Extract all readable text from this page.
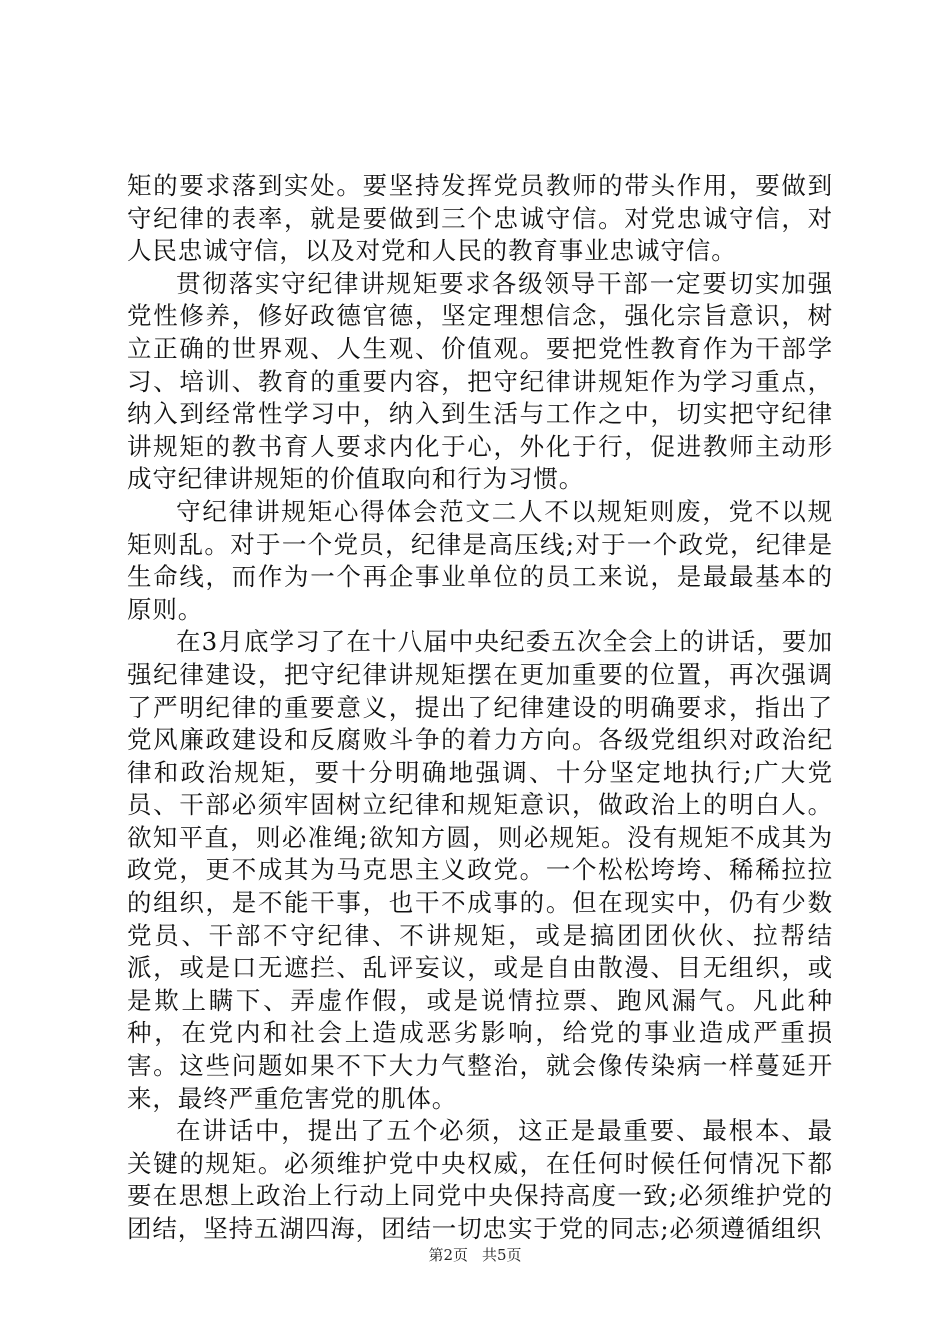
矩的要求落到实处。要坚持发挥党员教师的带头作用，要做到守纪律的表率，就是要做到三个忠诚守信。对党忠诚守信，对人民忠诚守信，以及对党和人民的教育事业忠诚守信。

贯彻落实守纪律讲规矩要求各级领导干部一定要切实加强党性修养，修好政德官德，坚定理想信念，强化宗旨意识，树立正确的世界观、人生观、价值观。要把党性教育作为干部学习、培训、教育的重要内容，把守纪律讲规矩作为学习重点，纳入到经常性学习中，纳入到生活与工作之中，切实把守纪律讲规矩的教书育人要求内化于心，外化于行，促进教师主动形成守纪律讲规矩的价值取向和行为习惯。

守纪律讲规矩心得体会范文二人不以规矩则废，党不以规矩则乱。对于一个党员，纪律是高压线;对于一个政党，纪律是生命线，而作为一个再企事业单位的员工来说，是最最基本的原则。

在3月底学习了在十八届中央纪委五次全会上的讲话，要加强纪律建设，把守纪律讲规矩摆在更加重要的位置，再次强调了严明纪律的重要意义，提出了纪律建设的明确要求，指出了党风廉政建设和反腐败斗争的着力方向。各级党组织对政治纪律和政治规矩，要十分明确地强调、十分坚定地执行;广大党员、干部必须牢固树立纪律和规矩意识，做政治上的明白人。欲知平直，则必准绳;欲知方圆，则必规矩。没有规矩不成其为政党，更不成其为马克思主义政党。一个松松垮垮、稀稀拉拉的组织，是不能干事，也干不成事的。但在现实中，仍有少数党员、干部不守纪律、不讲规矩，或是搞团团伙伙、拉帮结派，或是口无遮拦、乱评妄议，或是自由散漫、目无组织，或是欺上瞒下、弄虚作假，或是说情拉票、跑风漏气。凡此种种，在党内和社会上造成恶劣影响，给党的事业造成严重损害。这些问题如果不下大力气整治，就会像传染病一样蔓延开来，最终严重危害党的肌体。

在讲话中，提出了五个必须，这正是最重要、最根本、最关键的规矩。必须维护党中央权威，在任何时候任何情况下都要在思想上政治上行动上同党中央保持高度一致;必须维护党的团结，坚持五湖四海，团结一切忠实于党的同志;必须遵循组织

第2页 共5页
